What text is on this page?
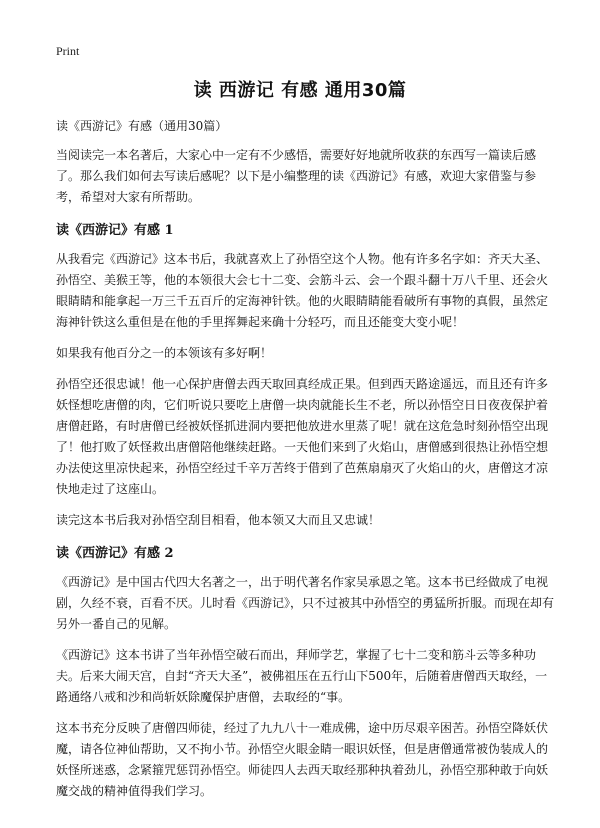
Print
读 西游记 有感 通用30篇

读《西游记》有感（通用30篇）

当阅读完一本名著后，大家心中一定有不少感悟，需要好好地就所收获的东西写一篇读后感了。那么我们如何去写读后感呢？以下是小编整理的读《西游记》有感，欢迎大家借鉴与参考，希望对大家有所帮助。

读《西游记》有感 1

从我看完《西游记》这本书后，我就喜欢上了孙悟空这个人物。他有许多名字如：齐天大圣、孙悟空、美猴王等，他的本领很大会七十二变、会筋斗云、会一个跟斗翻十万八千里、还会火眼睛睛和能拿起一万三千五百斤的定海神针铁。他的火眼睛睛能看破所有事物的真假，虽然定海神针铁这么重但是在他的手里挥舞起来确十分轻巧，而且还能变大变小呢！

如果我有他百分之一的本领该有多好啊！

孙悟空还很忠诚！他一心保护唐僧去西天取回真经成正果。但到西天路途遥远，而且还有许多妖怪想吃唐僧的肉，它们听说只要吃上唐僧一块肉就能长生不老，所以孙悟空日日夜夜保护着唐僧赶路，有时唐僧已经被妖怪抓进洞内要把他放进水里蒸了呢！就在这危急时刻孙悟空出现了！他打败了妖怪救出唐僧陪他继续赶路。一天他们来到了火焰山，唐僧感到很热让孙悟空想办法使这里凉快起来，孙悟空经过千辛万苦终于借到了芭蕉扇扇灭了火焰山的火，唐僧这才凉快地走过了这座山。

读完这本书后我对孙悟空刮目相看，他本领又大而且又忠诚！

读《西游记》有感 2

《西游记》是中国古代四大名著之一，出于明代著名作家吴承恩之笔。这本书已经做成了电视剧，久经不衰，百看不厌。儿时看《西游记》，只不过被其中孙悟空的勇猛所折服。而现在却有另外一番自己的见解。

《西游记》这本书讲了当年孙悟空破石而出，拜师学艺，掌握了七十二变和筋斗云等多种功夫。后来大闹天宫，自封“齐天大圣”，被佛祖压在五行山下500年，后随着唐僧西天取经，一路通络八戒和沙和尚斩妖除魔保护唐僧，去取经的“事。

这本书充分反映了唐僧四师徒，经过了九九八十一难成佛，途中历尽艰辛困苦。孙悟空降妖伏魔，请各位神仙帮助，又不拘小节。孙悟空火眼金睛一眼识妖怪，但是唐僧通常被伪装成人的妖怪所迷惑，念紧箍咒惩罚孙悟空。师徒四人去西天取经那种执着劲儿，孙悟空那种敢于向妖魔交战的精神值得我们学习。
